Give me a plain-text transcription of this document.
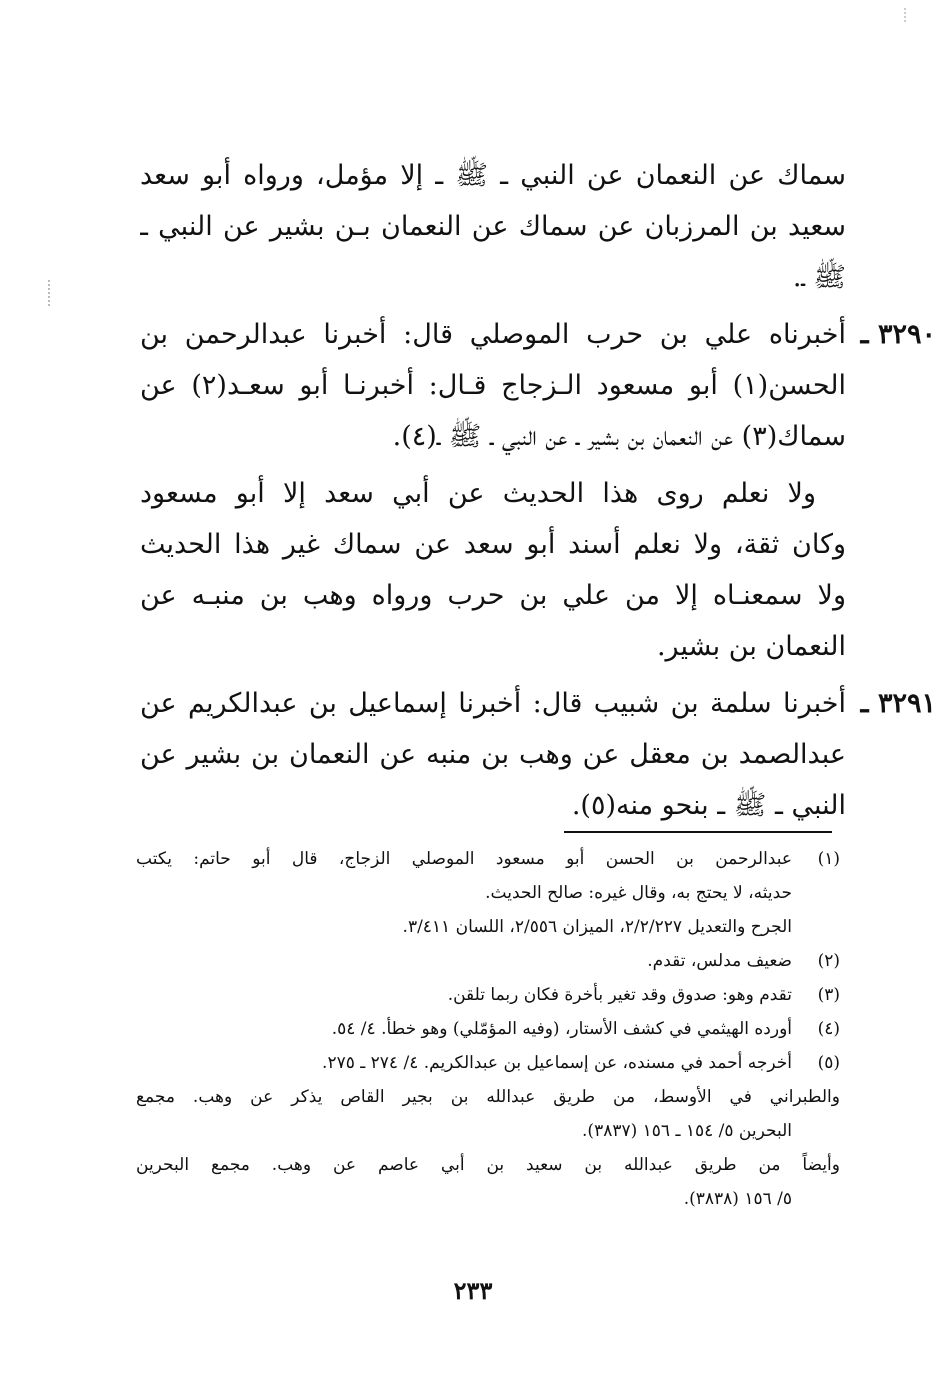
سماك عن النعمان عن النبي ـ ﷺ ـ إلا مؤمل، ورواه أبو سعد
سعيد بن المرزبان عن سماك عن النعمان بـن بشير عن النبي ـ
ﷺ ـ.
٣٢٩٠ ـ
أخبرناه علي بن حرب الموصلي قال: أخبرنا عبدالرحمن بن
الحسن(١) أبو مسعود الـزجاج قـال: أخبرنـا أبو سعـد(٢) عن
سماك(٣) عن النعمان بن بشير ـ عن النبي ـ ﷺ ـ(٤).
ولا نعلم روى هذا الحديث عن أبي سعد إلا أبو مسعود
وكان ثقة، ولا نعلم أسند أبو سعد عن سماك غير هذا الحديث
ولا سمعنـاه إلا من علي بن حرب ورواه وهب بن منبـه عن
النعمان بن بشير.
٣٢٩١ ـ
أخبرنا سلمة بن شبيب قال: أخبرنا إسماعيل بن عبدالكريم عن
عبدالصمد بن معقل عن وهب بن منبه عن النعمان بن بشير عن
النبي ـ ﷺ ـ بنحو منه(٥).
(١)
عبدالرحمن بن الحسن أبو مسعود الموصلي الزجاج، قال أبو حاتم: يكتب
حديثه، لا يحتج به، وقال غيره: صالح الحديث.
الجرح والتعديل ٢/٢/٢٢٧، الميزان ٢/٥٥٦، اللسان ٣/٤١١.
(٢)
ضعيف مدلس، تقدم.
(٣)
تقدم وهو: صدوق وقد تغير بأخرة فكان ربما تلقن.
(٤)
أورده الهيثمي في كشف الأستار، (وفيه المؤمّلي) وهو خطأ. ٤/ ٥٤.
(٥)
أخرجه أحمد في مسنده، عن إسماعيل بن عبدالكريم. ٤/ ٢٧٤ ـ ٢٧٥.
والطبراني في الأوسط، من طريق عبدالله بن بجير القاص يذكر عن وهب. مجمع
البحرين ٥/ ١٥٤ ـ ١٥٦ (٣٨٣٧).
وأيضاً من طريق عبدالله بن سعيد بن أبي عاصم عن وهب. مجمع البحرين
٥/ ١٥٦ (٣٨٣٨).
٢٣٣
